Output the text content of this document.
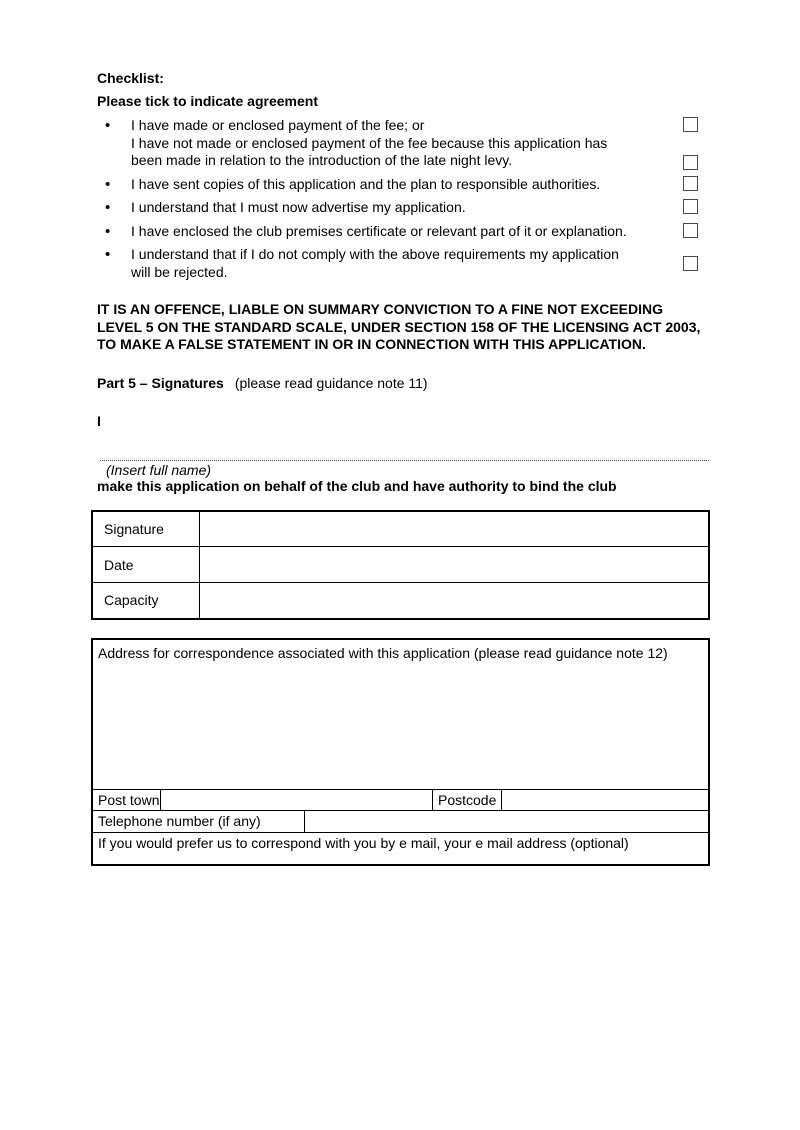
Checklist:
Please tick to indicate agreement
•	I have made or enclosed payment of the fee; or
I have not made or enclosed payment of the fee because this application has
been made in relation to the introduction of the late night levy.
•	I have sent copies of this application and the plan to responsible authorities.
•	I understand that I must now advertise my application.
•	I have enclosed the club premises certificate or relevant part of it or explanation.
•	I understand that if I do not comply with the above requirements my application
will be rejected.

IT IS AN OFFENCE, LIABLE ON SUMMARY CONVICTION TO A FINE NOT EXCEEDING LEVEL 5 ON THE STANDARD SCALE, UNDER SECTION 158 OF THE LICENSING ACT 2003, TO MAKE A FALSE STATEMENT IN OR IN CONNECTION WITH THIS APPLICATION.

Part 5 – Signatures (please read guidance note 11)
I
(Insert full name)
make this application on behalf of the club and have authority to bind the club
Signature	
Date	
Capacity	
Address for correspondence associated with this application (please read guidance note 12)
Post town	Postcode
Telephone number (if any)
If you would prefer us to correspond with you by e mail, your e mail address (optional)
